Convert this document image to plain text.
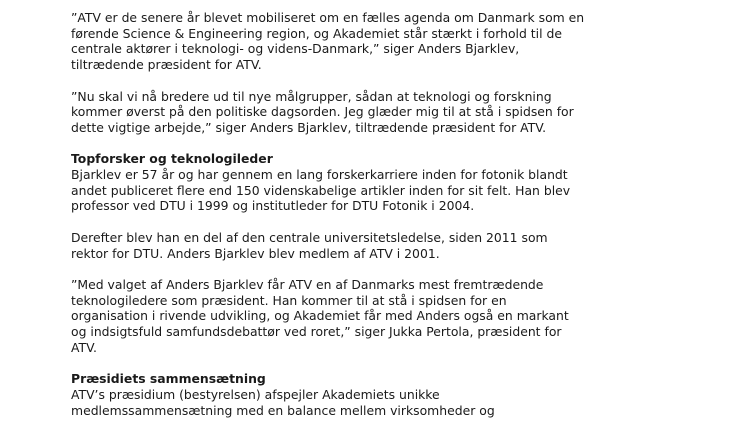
”ATV er de senere år blevet mobiliseret om en fælles agenda om Danmark som en
førende Science & Engineering region, og Akademiet står stærkt i forhold til de
centrale aktører i teknologi- og videns-Danmark,” siger Anders Bjarklev,
tiltrædende præsident for ATV.
”Nu skal vi nå bredere ud til nye målgrupper, sådan at teknologi og forskning
kommer øverst på den politiske dagsorden. Jeg glæder mig til at stå i spidsen for
dette vigtige arbejde,” siger Anders Bjarklev, tiltrædende præsident for ATV.
Topforsker og teknologileder
Bjarklev er 57 år og har gennem en lang forskerkarriere inden for fotonik blandt
andet publiceret flere end 150 videnskabelige artikler inden for sit felt. Han blev
professor ved DTU i 1999 og institutleder for DTU Fotonik i 2004.
Derefter blev han en del af den centrale universitetsledelse, siden 2011 som
rektor for DTU. Anders Bjarklev blev medlem af ATV i 2001.
”Med valget af Anders Bjarklev får ATV en af Danmarks mest fremtrædende
teknologiledere som præsident. Han kommer til at stå i spidsen for en
organisation i rivende udvikling, og Akademiet får med Anders også en markant
og indsigtsfuld samfundsdebattør ved roret,” siger Jukka Pertola, præsident for
ATV.
Præsidiets sammensætning
ATV’s præsidium (bestyrelsen) afspejler Akademiets unikke
medlemssammensætning med en balance mellem virksomheder og
